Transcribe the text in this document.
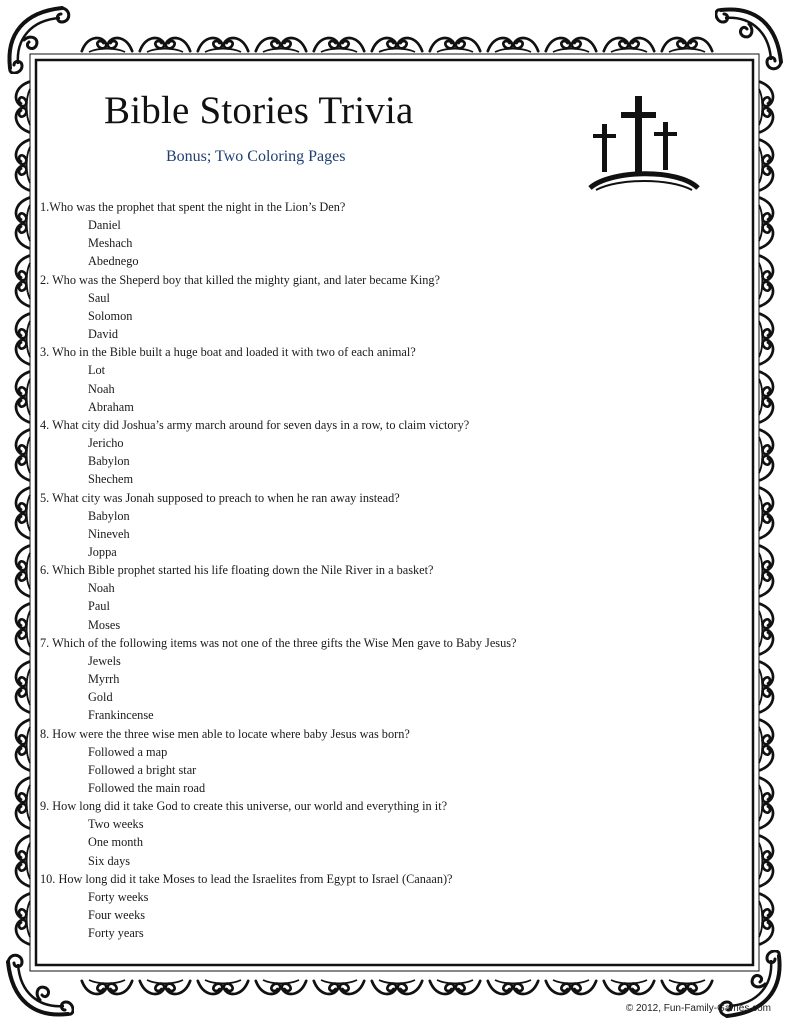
Bible Stories Trivia
Bonus; Two Coloring Pages
1.Who was the prophet that spent the night in the Lion’s Den?
Daniel
Meshach
Abednego
2. Who was the Sheperd boy that killed the mighty giant, and later became King?
Saul
Solomon
David
3. Who in the Bible built a huge boat and loaded it with two of each animal?
Lot
Noah
Abraham
4. What city did Joshua’s army march around for seven days in a row, to claim victory?
Jericho
Babylon
Shechem
5. What city was Jonah supposed to preach to when he ran away instead?
Babylon
Nineveh
Joppa
6. Which Bible prophet started his life floating down the Nile River in a basket?
Noah
Paul
Moses
7. Which of the following items was not one of the three gifts the Wise Men gave to Baby Jesus?
Jewels
Myrrh
Gold
Frankincense
8. How were the three wise men able to locate where baby Jesus was born?
Followed a map
Followed a bright star
Followed the main road
9. How long did it take God to create this universe, our world and everything in it?
Two weeks
One month
Six days
10. How long did it take Moses to lead the Israelites from Egypt to Israel (Canaan)?
Forty weeks
Four weeks
Forty years
© 2012, Fun-Family-Games.com
